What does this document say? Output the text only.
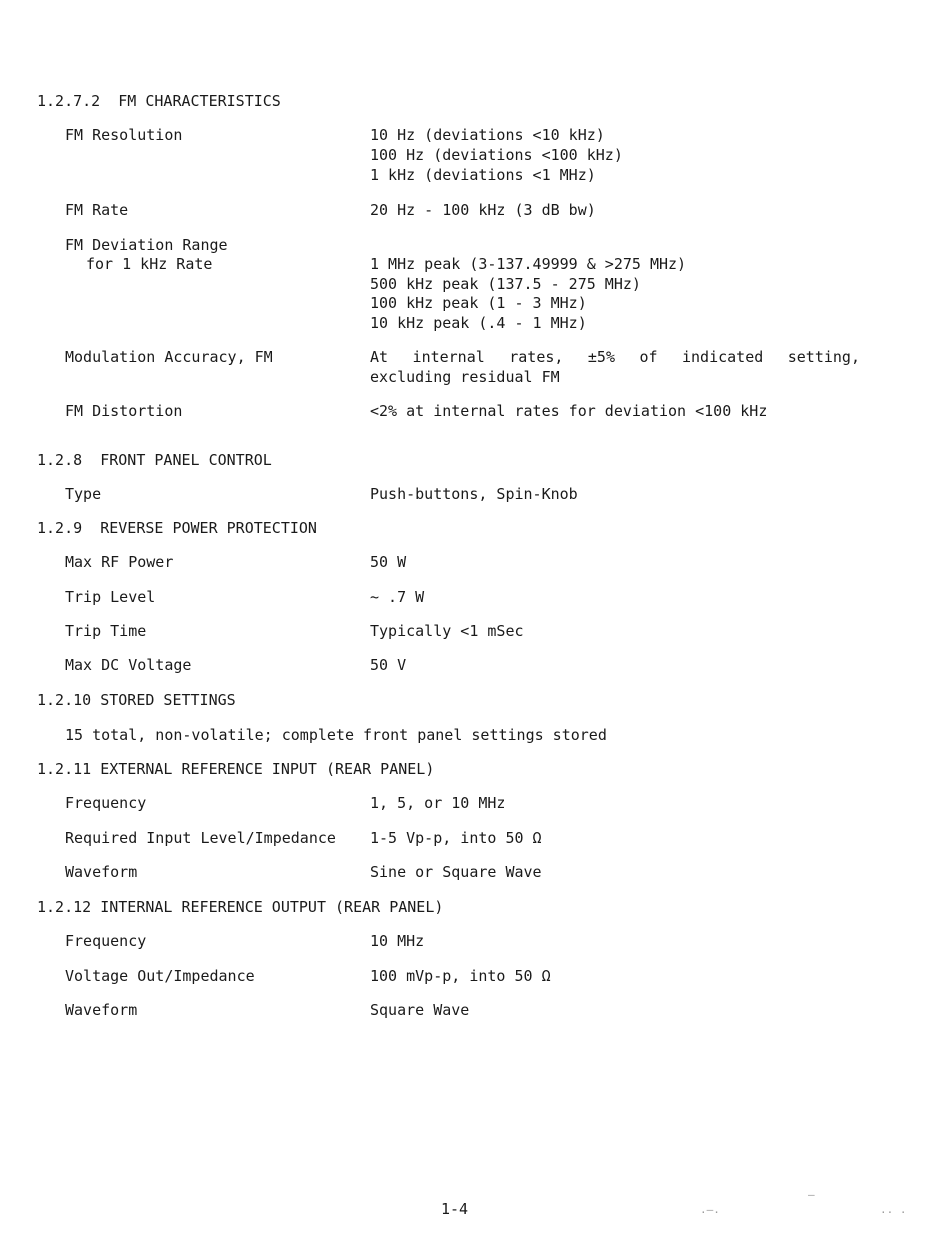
1.2.7.2  FM CHARACTERISTICS
FM Resolution	10 Hz (deviations <10 kHz)
100 Hz (deviations <100 kHz)
1 kHz (deviations <1 MHz)
FM Rate	20 Hz - 100 kHz (3 dB bw)
FM Deviation Range
for 1 kHz Rate	1 MHz peak (3-137.49999 & >275 MHz)
500 kHz peak (137.5 - 275 MHz)
100 kHz peak (1 - 3 MHz)
10 kHz peak (.4 - 1 MHz)
Modulation Accuracy, FM	At internal rates, ±5% of indicated setting,
excluding residual FM
FM Distortion	<2% at internal rates for deviation <100 kHz
1.2.8  FRONT PANEL CONTROL
Type	Push-buttons, Spin-Knob
1.2.9  REVERSE POWER PROTECTION
Max RF Power	50 W
Trip Level	~ .7 W
Trip Time	Typically <1 mSec
Max DC Voltage	50 V
1.2.10 STORED SETTINGS
15 total, non-volatile; complete front panel settings stored
1.2.11 EXTERNAL REFERENCE INPUT (REAR PANEL)
Frequency	1, 5, or 10 MHz
Required Input Level/Impedance 1-5 Vp-p, into 50 Ω
Waveform	Sine or Square Wave
1.2.12 INTERNAL REFERENCE OUTPUT (REAR PANEL)
Frequency	10 MHz
Voltage Out/Impedance	100 mVp-p, into 50 Ω
Waveform	Square Wave
1-4	.–.
–
.. .
